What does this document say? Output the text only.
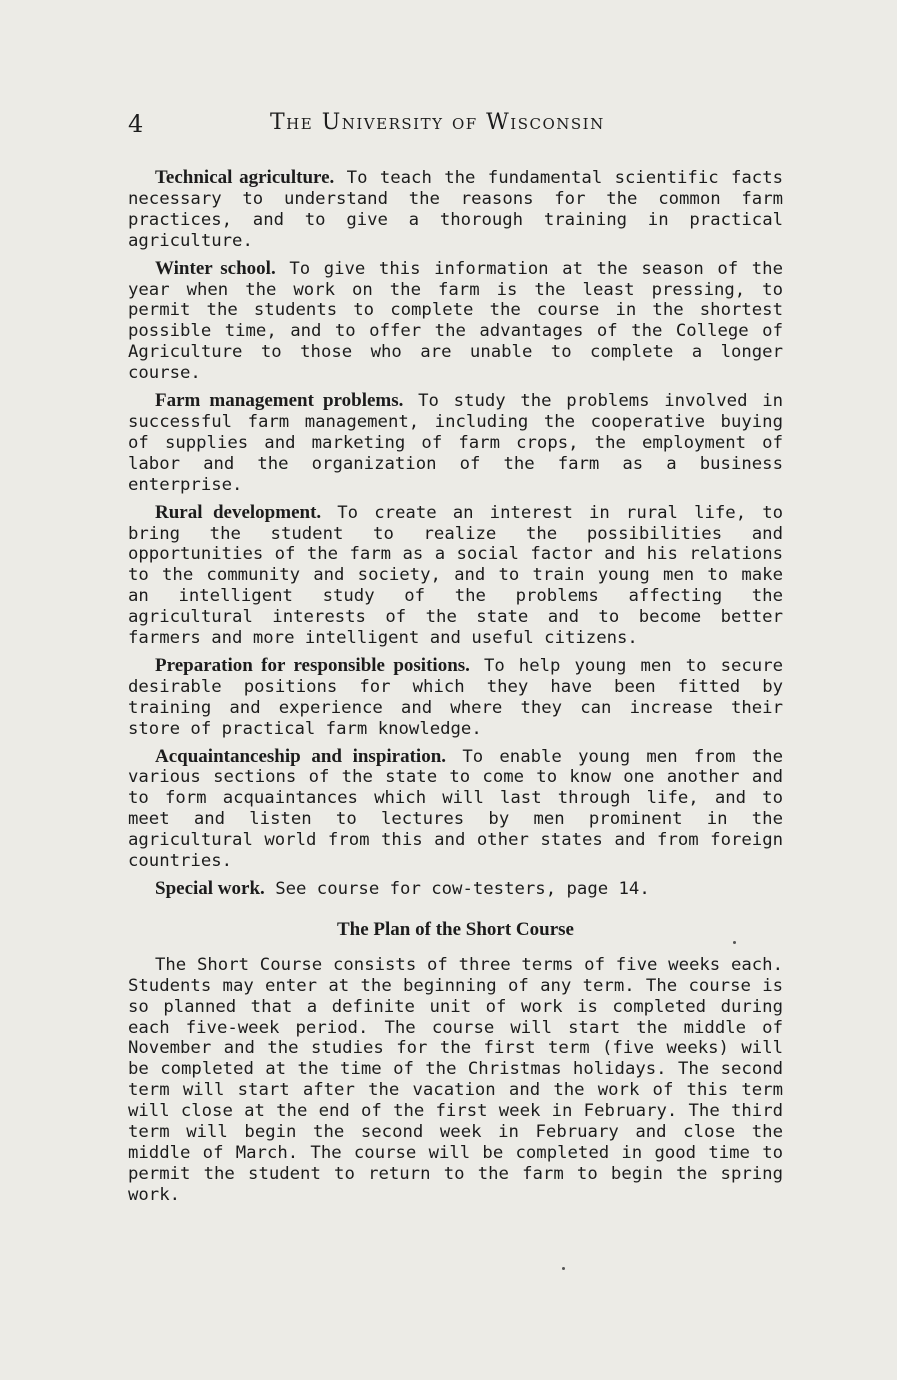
4	The University of Wisconsin

Technical agriculture. To teach the fundamental scientific facts necessary to understand the reasons for the common farm practices, and to give a thorough training in practical agriculture.

Winter school. To give this information at the season of the year when the work on the farm is the least pressing, to permit the students to complete the course in the shortest possible time, and to offer the advantages of the College of Agriculture to those who are unable to complete a longer course.

Farm management problems. To study the problems involved in successful farm management, including the cooperative buying of supplies and marketing of farm crops, the employment of labor and the organization of the farm as a business enterprise.

Rural development. To create an interest in rural life, to bring the student to realize the possibilities and opportunities of the farm as a social factor and his relations to the community and society, and to train young men to make an intelligent study of the problems affecting the agricultural interests of the state and to become better farmers and more intelligent and useful citizens.

Preparation for responsible positions. To help young men to secure desirable positions for which they have been fitted by training and experience and where they can increase their store of practical farm knowledge.

Acquaintanceship and inspiration. To enable young men from the various sections of the state to come to know one another and to form acquaintances which will last through life, and to meet and listen to lectures by men prominent in the agricultural world from this and other states and from foreign countries.

Special work. See course for cow-testers, page 14.

The Plan of the Short Course

The Short Course consists of three terms of five weeks each. Students may enter at the beginning of any term. The course is so planned that a definite unit of work is completed during each five-week period. The course will start the middle of November and the studies for the first term (five weeks) will be completed at the time of the Christmas holidays. The second term will start after the vacation and the work of this term will close at the end of the first week in February. The third term will begin the second week in February and close the middle of March. The course will be completed in good time to permit the student to return to the farm to begin the spring work.
